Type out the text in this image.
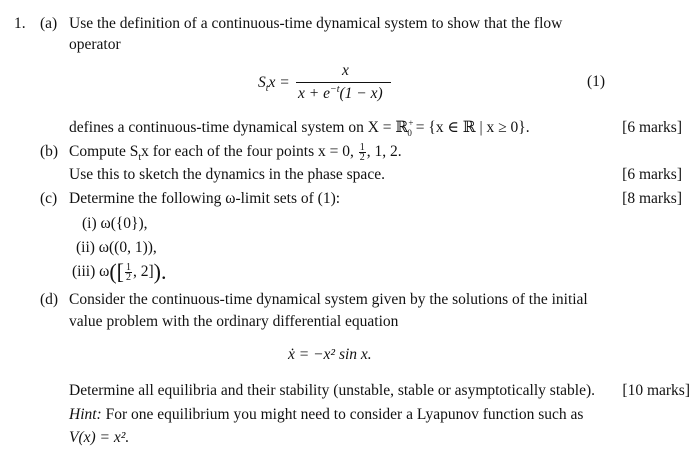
1. (a) Use the definition of a continuous-time dynamical system to show that the flow
operator
$S_tx$ =
x
$x + e^{-t}(1 - x)$
(1)
defines a continuous-time dynamical system on X = ℝ+$_0$ = {x ∈ ℝ | x ≥ 0}.	[6 marks]
(b) Compute $S_tx$ for each of the four points x = 0, $\frac{1}{2}$ , 1, 2.
Use this to sketch the dynamics in the phase space.	[6 marks]
(c) Determine the following ω-limit sets of (1):	[8 marks]
(i) ω({0}),
(ii) ω((0, 1)),
(iii) $\omega([ \frac{1}{2}$ , 2]).
(d) Consider the continuous-time dynamical system given by the solutions of the initial
value problem with the ordinary differential equation
ẋ = −x² sin x.
Determine all equilibria and their stability (unstable, stable or asymptotically stable). [10 marks]
Hint: For one equilibrium you might need to consider a Lyapunov function such as
V(x) = x².
